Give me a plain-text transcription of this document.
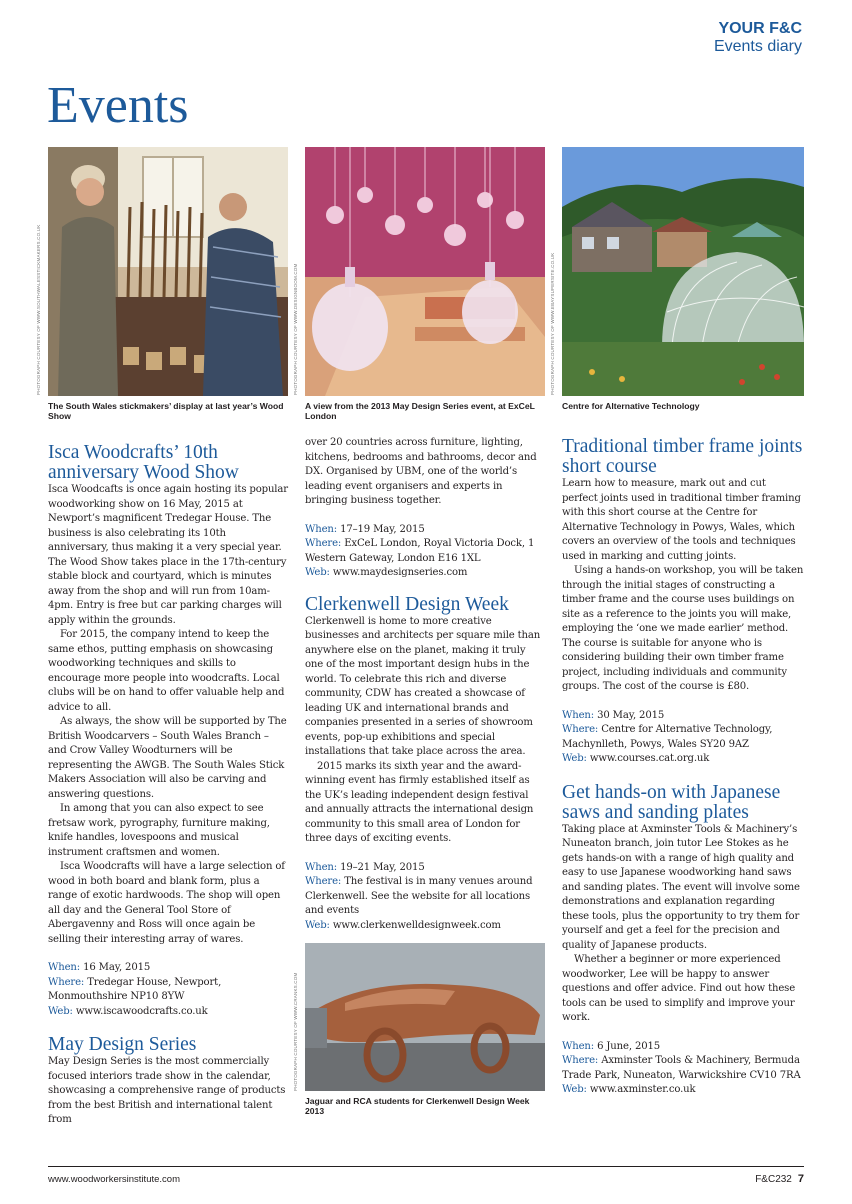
YOUR F&C
Events diary
Events
PHOTOGRAPH COURTESY OF WWW.SOUTHWALESSTICKMAKERS.CO.UK
The South Wales stickmakers’ display at last year’s Wood Show
Isca Woodcrafts’ 10th anniversary Wood Show

Isca Woodcafts is once again hosting its popular woodworking show on 16 May, 2015 at Newport’s magnificent Tredegar House. The business is also celebrating its 10th anniversary, thus making it a very special year. The Wood Show takes place in the 17th-century stable block and courtyard, which is minutes away from the shop and will run from 10am-4pm. Entry is free but car parking charges will apply within the grounds.

For 2015, the company intend to keep the same ethos, putting emphasis on showcasing woodworking techniques and skills to encourage more people into woodcrafts. Local clubs will be on hand to offer valuable help and advice to all.

As always, the show will be supported by The British Woodcarvers – South Wales Branch – and Crow Valley Woodturners will be representing the AWGB. The South Wales Stick Makers Association will also be carving and answering questions.

In among that you can also expect to see fretsaw work, pyrography, furniture making, knife handles, lovespoons and musical instrument craftsmen and women.

Isca Woodcrafts will have a large selection of wood in both board and blank form, plus a range of exotic hardwoods. The shop will open all day and the General Tool Store of Abergavenny and Ross will once again be selling their interesting array of wares.

When: 16 May, 2015
Where: Tredegar House, Newport, Monmouthshire NP10 8YW
Web: www.iscawoodcrafts.co.uk
May Design Series

May Design Series is the most commercially focused interiors trade show in the calendar, showcasing a comprehensive range of products from the best British and international talent from

PHOTOGRAPH COURTESY OF WWW.DESIGNBOOM.COM
A view from the 2013 May Design Series event, at ExCeL London

over 20 countries across furniture, lighting, kitchens, bedrooms and bathrooms, decor and DX. Organised by UBM, one of the world’s leading event organisers and experts in bringing business together.

When: 17–19 May, 2015
Where: ExCeL London, Royal Victoria Dock, 1 Western Gateway, London E16 1XL
Web: www.maydesignseries.com
Clerkenwell Design Week

Clerkenwell is home to more creative businesses and architects per square mile than anywhere else on the planet, making it truly one of the most important design hubs in the world. To celebrate this rich and diverse community, CDW has created a showcase of leading UK and international brands and companies presented in a series of showroom events, pop-up exhibitions and special installations that take place across the area.

2015 marks its sixth year and the award-winning event has firmly established itself as the UK’s leading independent design festival and annually attracts the international design community to this small area of London for three days of exciting events.

When: 19–21 May, 2015
Where: The festival is in many venues around Clerkenwell. See the website for all locations and events
Web: www.clerkenwelldesignweek.com
PHOTOGRAPH COURTESY OF WWW.CRANKS.COM
Jaguar and RCA students for Clerkenwell Design Week 2013
PHOTOGRAPH COURTESY OF WWW.EBAYSUPERSITE.CO.UK
Centre for Alternative Technology
Traditional timber frame joints short course

Learn how to measure, mark out and cut perfect joints used in traditional timber framing with this short course at the Centre for Alternative Technology in Powys, Wales, which covers an overview of the tools and techniques used in marking and cutting joints.

Using a hands-on workshop, you will be taken through the initial stages of constructing a timber frame and the course uses buildings on site as a reference to the joints you will make, employing the ‘one we made earlier’ method. The course is suitable for anyone who is considering building their own timber frame project, including individuals and community groups. The cost of the course is £80.

When: 30 May, 2015
Where: Centre for Alternative Technology, Machynlleth, Powys, Wales SY20 9AZ
Web: www.courses.cat.org.uk
Get hands-on with Japanese saws and sanding plates

Taking place at Axminster Tools & Machinery’s Nuneaton branch, join tutor Lee Stokes as he gets hands-on with a range of high quality and easy to use Japanese woodworking hand saws and sanding plates. The event will involve some demonstrations and explanation regarding these tools, plus the opportunity to try them for yourself and get a feel for the precision and quality of Japanese products.

Whether a beginner or more experienced woodworker, Lee will be happy to answer questions and offer advice. Find out how these tools can be used to simplify and improve your work.

When: 6 June, 2015
Where: Axminster Tools & Machinery, Bermuda Trade Park, Nuneaton, Warwickshire CV10 7RA
Web: www.axminster.co.uk
www.woodworkersinstitute.com	F&C232 7
